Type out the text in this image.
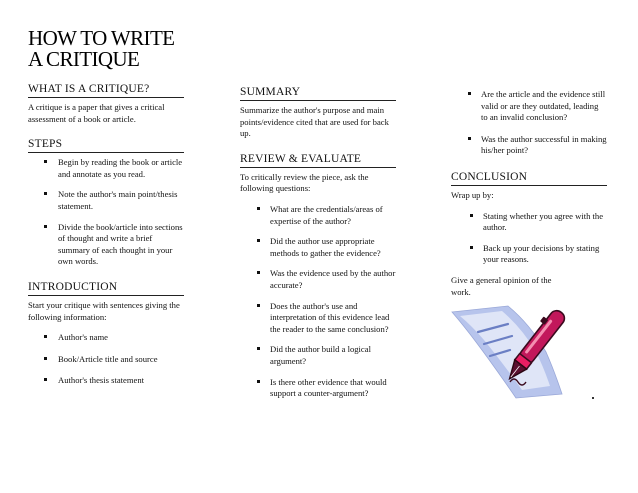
HOW TO WRITE
A CRITIQUE
WHAT IS A CRITIQUE?

A critique is a paper that gives a critical assessment of a book or article.

STEPS
Begin by reading the book or article and annotate as you read.
Note the author's main point/thesis statement.
Divide the book/article into sections of thought and write a brief summary of each thought in your own words.
INTRODUCTION

Start your critique with sentences giving the following information:

Author's name
Book/Article title and source
Author's thesis statement
SUMMARY

Summarize the author's purpose and main points/evidence cited that are used for back up.

REVIEW & EVALUATE

To critically review the piece, ask the following questions:

What are the credentials/areas of expertise of the author?
Did the author use appropriate methods to gather the evidence?
Was the evidence used by the author accurate?
Does the author's use and interpretation of this evidence lead the reader to the same conclusion?
Did the author build a logical argument?
Is there other evidence that would support a counter-argument?
Are the article and the evidence still valid or are they outdated, leading to an invalid conclusion?
Was the author successful in making his/her point?
CONCLUSION

Wrap up by:

Stating whether you agree with the author.
Back up your decisions by stating your reasons.

Give a general opinion of the work.
